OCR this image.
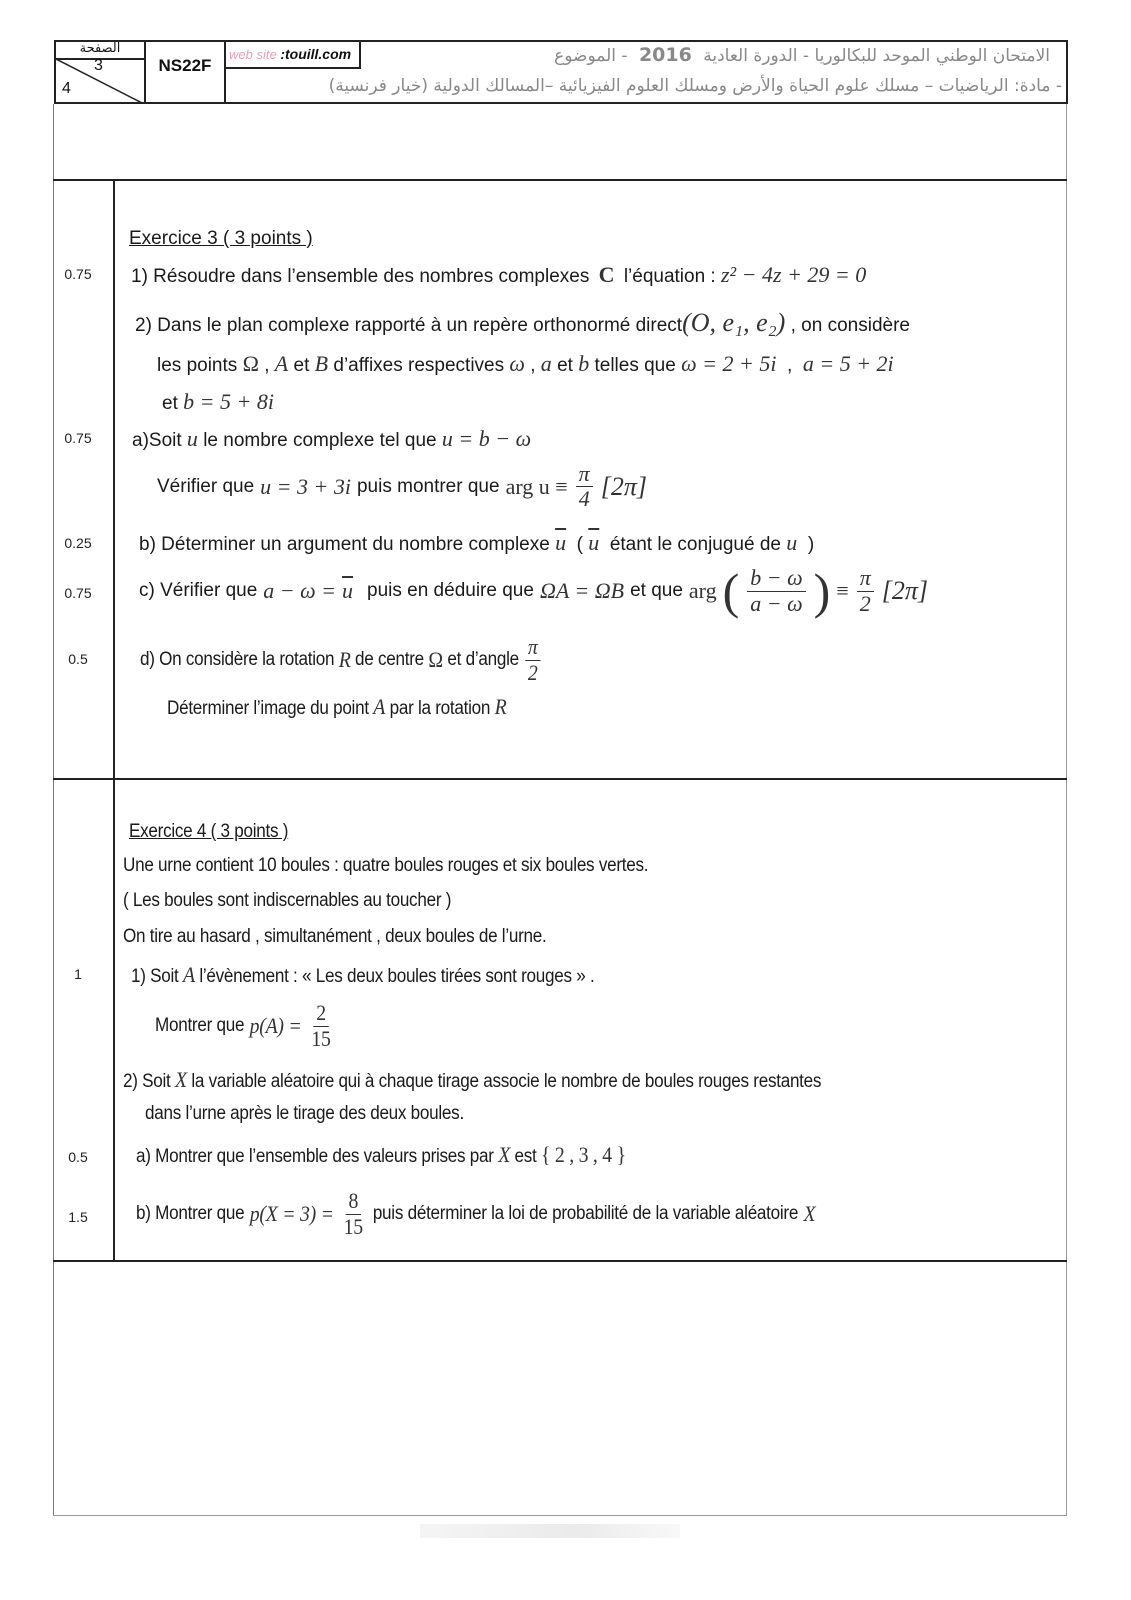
الصفحة
3
4
NS22F
web site :touill.com	الامتحان الوطني الموحد للبكالوريا - الدورة العادية 2016 - الموضوع
- مادة: الرياضيات – مسلك علوم الحياة والأرض ومسلك العلوم الفيزيائية –المسالك الدولية (خيار فرنسية)
Exercice 3 ( 3 points )
0.75	1) Résoudre dans l’ensemble des nombres complexes C l’équation : z² − 4z + 29 = 0
2) Dans le plan complexe rapporté à un repère orthonormé direct(O, e₁, e₂) , on considère
les points Ω , A et B d’affixes respectives ω , a et b telles que ω = 2 + 5i  ,  a = 5 + 2i
et b = 5 + 8i
0.75	a)Soit u le nombre complexe tel que u = b − ω
Vérifier que u = 3 + 3i puis montrer que arg $u \equiv \frac{\pi}{4} [2\pi]$
0.25	b) Déterminer un argument du nombre complexe $\overline{u}$ ( $\overline{u}$ étant le conjugué de u )
0.75	c) Vérifier que $a - \omega = \overline{u}$ puis en déduire que ΩA = ΩB et que arg ( $\frac{b - \omega}{a - \omega}$ ) ≡ $\frac{\pi}{2} [2\pi]$
0.5	d) On considère la rotation R de centre Ω et d’angle $\frac{\pi}{2}$
Déterminer l’image du point A par la rotation R
Exercice 4 ( 3 points )
Une urne contient 10 boules : quatre boules rouges et six boules vertes.
( Les boules sont indiscernables au toucher )
On tire au hasard , simultanément , deux boules de l’urne.
1	1) Soit A l’évènement : « Les deux boules tirées sont rouges » .
Montrer que $p(A) = \frac{2}{15}$
2) Soit X la variable aléatoire qui à chaque tirage associe le nombre de boules rouges restantes
dans l’urne après le tirage des deux boules.
0.5	a) Montrer que l’ensemble des valeurs prises par X est { 2 , 3 , 4 }
1.5	b) Montrer que $p(X = 3) = \frac{8}{15}$ puis déterminer la loi de probabilité de la variable aléatoire X
